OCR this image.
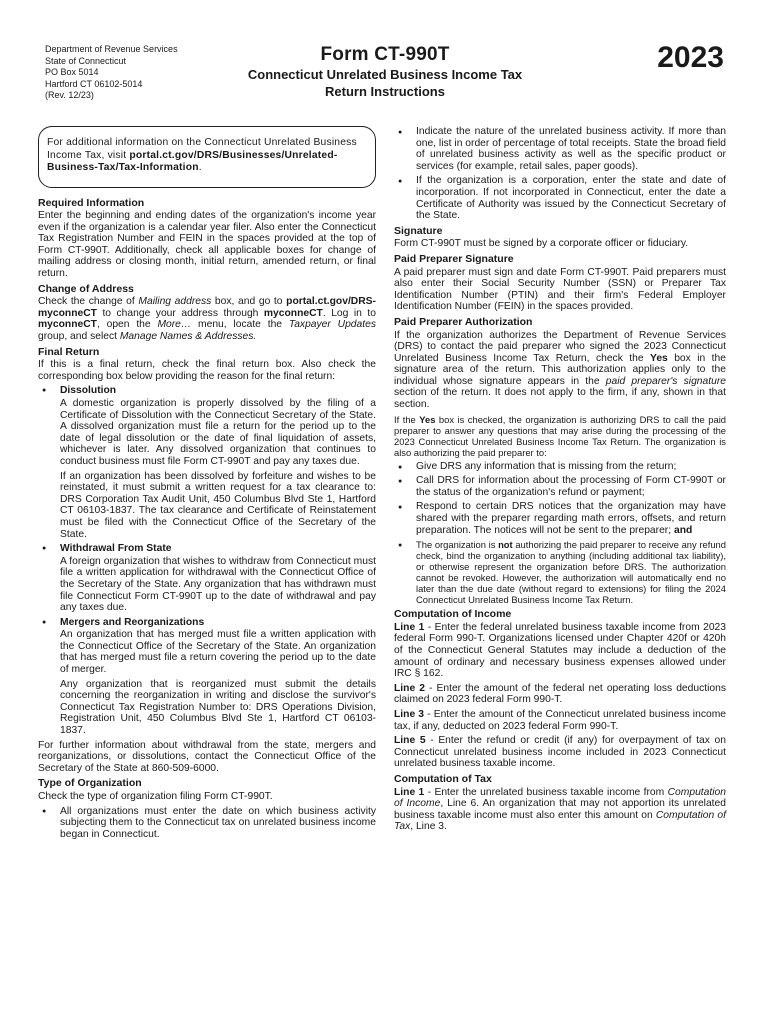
Department of Revenue Services
State of Connecticut
PO Box 5014
Hartford CT 06102-5014
(Rev. 12/23)
Form CT-990T
Connecticut Unrelated Business Income Tax
Return Instructions
2023
For additional information on the Connecticut Unrelated Business Income Tax, visit portal.ct.gov/DRS/Businesses/Unrelated-Business-Tax/Tax-Information.
Required Information

Enter the beginning and ending dates of the organization's income year even if the organization is a calendar year filer. Also enter the Connecticut Tax Registration Number and FEIN in the spaces provided at the top of Form CT-990T. Additionally, check all applicable boxes for change of mailing address or closing month, initial return, amended return, or final return.

Change of Address

Check the change of Mailing address box, and go to portal.ct.gov/DRS-myconneCT to change your address through myconneCT. Log in to myconneCT, open the More… menu, locate the Taxpayer Updates group, and select Manage Names & Addresses.

Final Return

If this is a final return, check the final return box. Also check the corresponding box below providing the reason for the final return:

● Dissolution

A domestic organization is properly dissolved by the filing of a Certificate of Dissolution with the Connecticut Secretary of the State. A dissolved organization must file a return for the period up to the date of legal dissolution or the date of final liquidation of assets, whichever is later. Any dissolved organization that continues to conduct business must file Form CT-990T and pay any taxes due.

If an organization has been dissolved by forfeiture and wishes to be reinstated, it must submit a written request for a tax clearance to: DRS Corporation Tax Audit Unit, 450 Columbus Blvd Ste 1, Hartford CT 06103-1837. The tax clearance and Certificate of Reinstatement must be filed with the Connecticut Office of the Secretary of the State.

● Withdrawal From State

A foreign organization that wishes to withdraw from Connecticut must file a written application for withdrawal with the Connecticut Office of the Secretary of the State. Any organization that has withdrawn must file Connecticut Form CT-990T up to the date of withdrawal and pay any taxes due.

● Mergers and Reorganizations

An organization that has merged must file a written application with the Connecticut Office of the Secretary of the State. An organization that has merged must file a return covering the period up to the date of merger.

Any organization that is reorganized must submit the details concerning the reorganization in writing and disclose the survivor's Connecticut Tax Registration Number to: DRS Operations Division, Registration Unit, 450 Columbus Blvd Ste 1, Hartford CT 06103-1837.

For further information about withdrawal from the state, mergers and reorganizations, or dissolutions, contact the Connecticut Office of the Secretary of the State at 860-509-6000.

Type of Organization

Check the type of organization filing Form CT-990T.

● All organizations must enter the date on which business activity subjecting them to the Connecticut tax on unrelated business income began in Connecticut.
● Indicate the nature of the unrelated business activity. If more than one, list in order of percentage of total receipts. State the broad field of unrelated business activity as well as the specific product or services (for example, retail sales, paper goods).
● If the organization is a corporation, enter the state and date of incorporation. If not incorporated in Connecticut, enter the date a Certificate of Authority was issued by the Connecticut Secretary of the State.
Signature

Form CT-990T must be signed by a corporate officer or fiduciary.

Paid Preparer Signature

A paid preparer must sign and date Form CT-990T. Paid preparers must also enter their Social Security Number (SSN) or Preparer Tax Identification Number (PTIN) and their firm's Federal Employer Identification Number (FEIN) in the spaces provided.

Paid Preparer Authorization

If the organization authorizes the Department of Revenue Services (DRS) to contact the paid preparer who signed the 2023 Connecticut Unrelated Business Income Tax Return, check the Yes box in the signature area of the return. This authorization applies only to the individual whose signature appears in the paid preparer's signature section of the return. It does not apply to the firm, if any, shown in that section.

If the Yes box is checked, the organization is authorizing DRS to call the paid preparer to answer any questions that may arise during the processing of the 2023 Connecticut Unrelated Business Income Tax Return. The organization is also authorizing the paid preparer to:

● Give DRS any information that is missing from the return;
● Call DRS for information about the processing of Form CT-990T or the status of the organization's refund or payment;
● Respond to certain DRS notices that the organization may have shared with the preparer regarding math errors, offsets, and return preparation. The notices will not be sent to the preparer; and
● The organization is not authorizing the paid preparer to receive any refund check, bind the organization to anything (including additional tax liability), or otherwise represent the organization before DRS. The authorization cannot be revoked. However, the authorization will automatically end no later than the due date (without regard to extensions) for filing the 2024 Connecticut Unrelated Business Income Tax Return.
Computation of Income

Line 1 - Enter the federal unrelated business taxable income from 2023 federal Form 990-T. Organizations licensed under Chapter 420f or 420h of the Connecticut General Statutes may include a deduction of the amount of ordinary and necessary business expenses allowed under IRC § 162.

Line 2 - Enter the amount of the federal net operating loss deductions claimed on 2023 federal Form 990-T.

Line 3 - Enter the amount of the Connecticut unrelated business income tax, if any, deducted on 2023 federal Form 990-T.

Line 5 - Enter the refund or credit (if any) for overpayment of tax on Connecticut unrelated business income included in 2023 Connecticut unrelated business taxable income.

Computation of Tax

Line 1 - Enter the unrelated business taxable income from Computation of Income, Line 6. An organization that may not apportion its unrelated business taxable income must also enter this amount on Computation of Tax, Line 3.
